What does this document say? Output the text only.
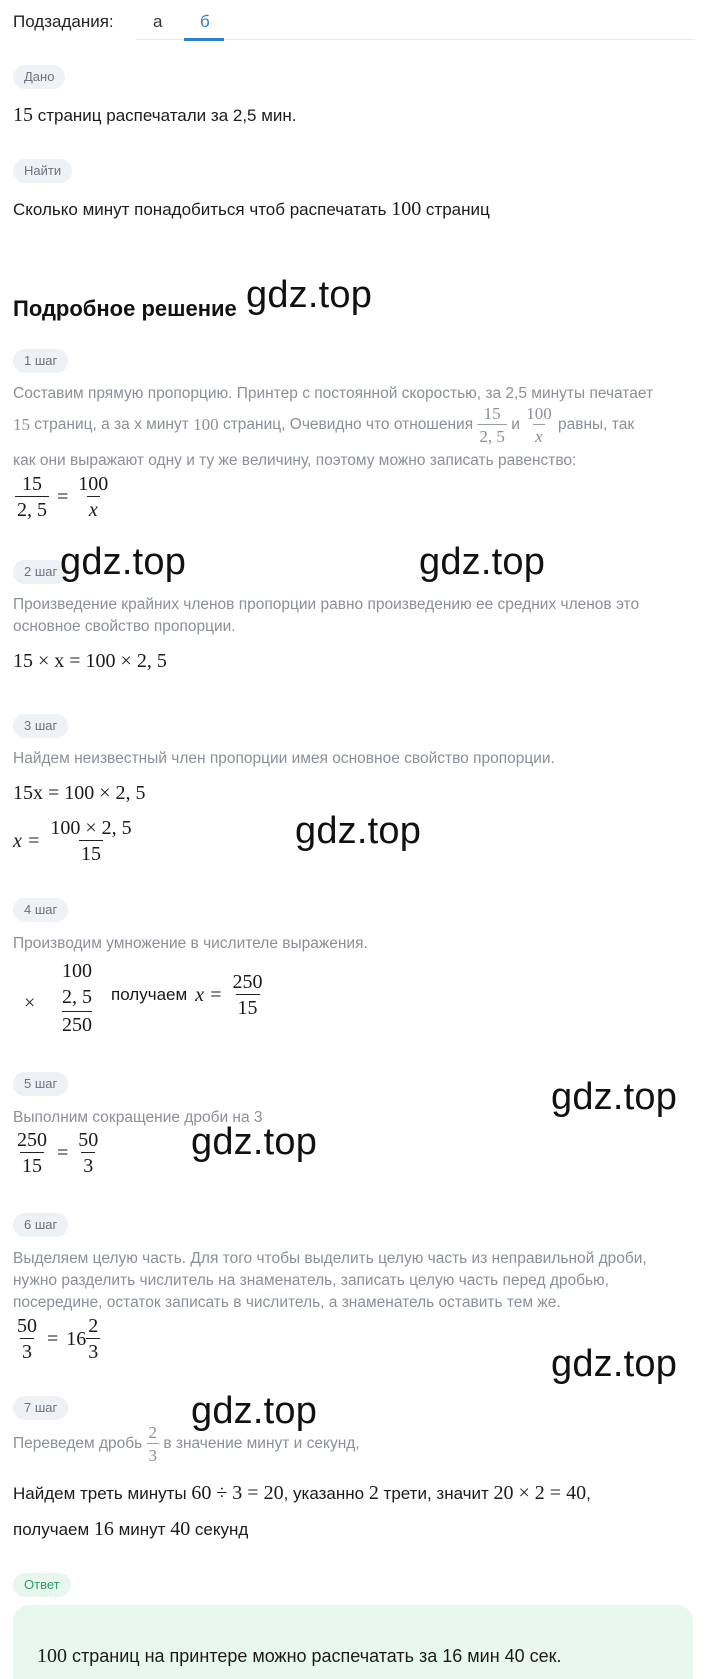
Подзадания: а б
Дано
15 страниц распечатали за 2,5 мин.
Найти
Сколько минут понадобиться чтоб распечатать 100 страниц
Подробное решение
1 шаг
Составим прямую пропорцию. Принтер с постоянной скоростью, за 2,5 минуты печатает
15 страниц, а за х минут 100 страниц, Очевидно что отношения $\frac{15}{2, 5}$ и $\frac{100}{x}$ равны, так
как они выражают одну и ту же величину, поэтому можно записать равенство:
$\frac{15}{2, 5} = \frac{100}{x}$
2 шаг
Произведение крайних членов пропорции равно произведению ее средних членов это
основное свойство пропорции.
15 × x = 100 × 2, 5
3 шаг
Найдем неизвестный член пропорции имея основное свойство пропорции.
15x = 100 × 2, 5
$x = \frac{100 \times 2, 5}{15}$
4 шаг
Производим умножение в числителе выражения.
×
100
2, 5
250
получаем $x = \frac{250}{15}$
5 шаг
Выполним сокращение дроби на 3
$\frac{250}{15} = \frac{50}{3}$
6 шаг
Выделяем целую часть. Для того чтобы выделить целую часть из неправильной дроби,
нужно разделить числитель на знаменатель, записать целую часть перед дробью,
посередине, остаток записать в числитель, а знаменатель оставить тем же.
$\frac{50}{3} = 16 \frac{2}{3}$
7 шаг
Переведем дробь $\frac{2}{3}$ в значение минут и секунд,
Найдем треть минуты 60 ÷ 3 = 20, указанно 2 трети, значит 20 × 2 = 40,
получаем 16 минут 40 секунд
Ответ
100 страниц на принтере можно распечатать за 16 мин 40 сек.
gdz.top
gdz.top	gdz.top
gdz.top
gdz.top
gdz.top
gdz.top
gdz.top
